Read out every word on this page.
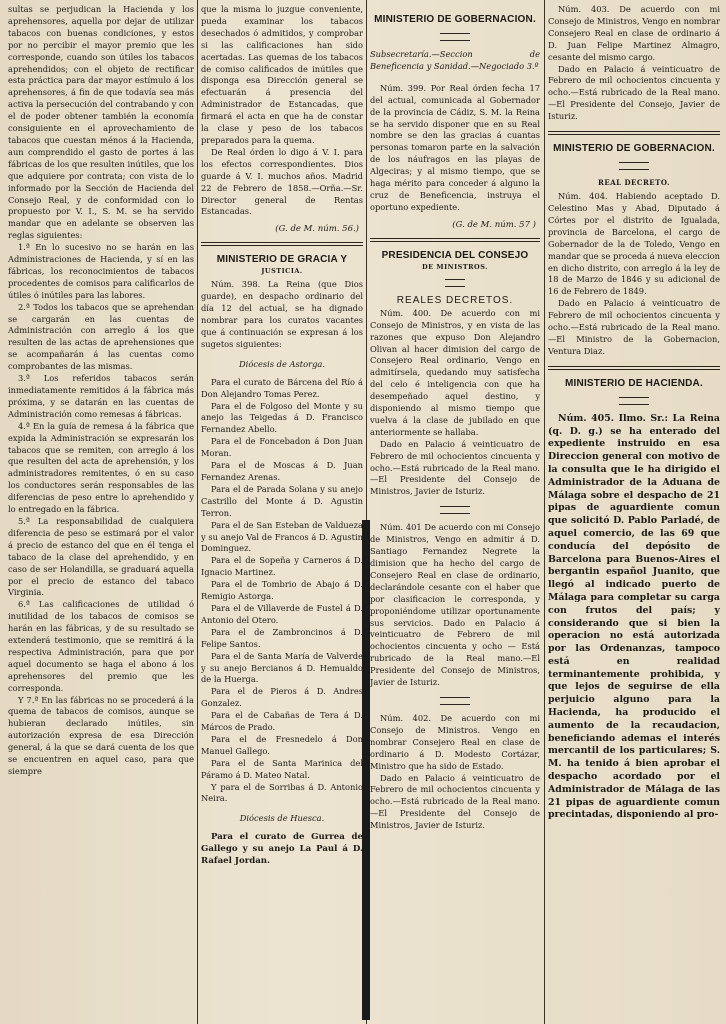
sultas se perjudican la Hacienda y los aprehensores, aquella por dejar de utilizar tabacos con buenas condiciones, y estos por no percibir el mayor premio que les corresponde, cuando son útiles los tabacos aprehendidos; con el objeto de rectificar esta práctica para dar mayor estímulo á los aprehensores, á fin de que todavía sea más activa la persecución del contrabando y con el de poder obtener también la economía consiguiente en el aprovechamiento de tabacos que cuestan ménos á la Hacienda, aun comprendido el gasto de portes á las fábricas de los que resulten inútiles, que los que adquiere por contrata; con vista de lo informado por la Sección de Hacienda del Consejo Real, y de conformidad con lo propuesto por V. I., S. M. se ha servido mandar que en adelante se observen las reglas siguientes:

1.ª En lo sucesivo no se harán en las Administraciones de Hacienda, y sí en las fábricas, los reconocimientos de tabacos procedentes de comisos para calificarlos de útiles ó inútiles para las labores.

2.ª Todos los tabacos que se aprehendan se cargarán en las cuentas de Administración con arreglo á los que resulten de las actas de aprehensiones que se acompañarán á las cuentas como comprobantes de las mismas.

3.ª Los referidos tabacos serán inmediatamente remitidos á la fábrica más próxima, y se datarán en las cuentas de Administración como remesas á fábricas.

4.ª En la guía de remesa á la fábrica que expida la Administración se expresarán los tabacos que se remiten, con arreglo á los que resulten del acta de aprehensión, y los administradores remitentes, ó en su caso los conductores serán responsables de las diferencias de peso entre lo aprehendido y lo entregado en la fábrica.

5.ª La responsabilidad de cualquiera diferencia de peso se estimará por el valor á precio de estanco del que en él tenga el tabaco de la clase del aprehendido, y en caso de ser Holandilla, se graduará aquella por el precio de estanco del tabaco Virginia.

6.ª Las calificaciones de utilidad ó inutilidad de los tabacos de comisos se harán en las fábricas, y de su resultado se extenderá testimonio, que se remitirá á la respectiva Administración, para que por aquel documento se haga el abono á los aprehensores del premio que les corresponda.

Y 7.ª En las fábricas no se procederá á la quema de tabacos de comisos, aunque se hubieran declarado inútiles, sin autorización expresa de esa Dirección general, á la que se dará cuenta de los que se encuentren en aquel caso, para que siempre

que la misma lo juzgue conveniente, pueda examinar los tabacos desechados ó admitidos, y comprobar si las calificaciones han sido acertadas. Las quemas de los tabacos de comiso calificados de inútiles que disponga esa Dirección general se efectuarán á presencia del Administrador de Estancadas, que firmará el acta en que ha de constar la clase y peso de los tabacos preparados para la quema.

De Real órden lo digo á V. I. para los efectos correspondientes. Dios guarde á V. I. muchos años. Madrid 22 de Febrero de 1858.—Orña.—Sr. Director general de Rentas Estancadas.

(G. de M. núm. 56.)
MINISTERIO DE GRACIA Y
JUSTICIA.

Núm. 398. La Reina (que Dios guarde), en despacho ordinario del día 12 del actual, se ha dignado nombrar para los curatos vacantes que á continuación se expresan á los sugetos siguientes:

Diócesis de Astorga.

Para el curato de Bárcena del Río á Don Alejandro Tomas Perez.

Para el de Folgoso del Monte y su anejo las Teigedas á D. Francisco Fernandez Abello.

Para el de Foncebadon á Don Juan Moran.

Para el de Moscas á D. Juan Fernandez Arenas.

Para el de Parada Solana y su anejo Castrillo del Monte á D. Agustin Terron.

Para el de San Esteban de Valdueza y su anejo Val de Francos á D. Agustin Dominguez.

Para el de Sopeña y Carneros á D. Ignacio Martinez.

Para el de Tombrio de Abajo á D. Remigio Astorga.

Para el de Villaverde de Fustel á D. Antonio del Otero.

Para el de Zambroncinos á D. Felipe Santos.

Para el de Santa María de Valverde y su anejo Bercianos á D. Hemualdo de la Huerga.

Para el de Pieros á D. Andres Gonzalez.

Para el de Cabañas de Tera á D. Márcos de Prado.

Para el de Fresnedelo á Don Manuel Gallego.

Para el de Santa Marinica del Páramo á D. Mateo Natal.

Y para el de Sorribas á D. Antonio Neira.

Diócesis de Huesca.

Para el curato de Gurrea de Gallego y su anejo La Paul á D. Rafael Jordan.

MINISTERIO DE GOBERNACION.

Subsecretaría.—Seccion de Beneficencia y Sanidad.—Negociado 3.º

Núm. 399. Por Real órden fecha 17 del actual, comunicada al Gobernador de la provincia de Cádiz, S. M. la Reina se ha servido disponer que en su Real nombre se den las gracias á cuantas personas tomaron parte en la salvación de los náufragos en las playas de Algeciras; y al mismo tiempo, que se haga mérito para conceder á alguno la cruz de Beneficencia, instruya el oportuno expediente.

(G. de M. núm. 57 )
PRESIDENCIA DEL CONSEJO
DE MINISTROS.
REALES DECRETOS.

Núm. 400. De acuerdo con mi Consejo de Ministros, y en vista de las razones que expuso Don Alejandro Olivan al hacer dimision del cargo de Consejero Real ordinario, Vengo en admitírsela, quedando muy satisfecha del celo é inteligencia con que ha desempeñado aquel destino, y disponiendo al mismo tiempo que vuelva á la clase de jubilado en que anteriormente se hallaba.

Dado en Palacio á veinticuatro de Febrero de mil ochocientos cincuenta y ocho.—Está rubricado de la Real mano.—El Presidente del Consejo de Ministros, Javier de Isturiz.

Núm. 401 De acuerdo con mi Consejo de Ministros, Vengo en admitir á D. Santiago Fernandez Negrete la dimision que ha hecho del cargo de Consejero Real en clase de ordinario, declarándole cesante con el haber que por clasificacion le corresponda, y proponiéndome utilizar oportunamente sus servicios. Dado en Palacio á veinticuatro de Febrero de mil ochocientos cincuenta y ocho — Está rubricado de la Real mano.—El Presidente del Consejo de Ministros, Javier de Isturiz.

Núm. 402. De acuerdo con mi Consejo de Ministros. Vengo en nombrar Consejero Real en clase de ordinario á D. Modesto Cortázar, Ministro que ha sido de Estado.

Dado en Palacio á veinticuatro de Febrero de mil ochocientos cincuenta y ocho.—Está rubricado de la Real mano.—El Presidente del Consejo de Ministros, Javier de Isturiz.

Núm. 403. De acuerdo con mi Consejo de Ministros, Vengo en nombrar Consejero Real en clase de ordinario á D. Juan Felipe Martinez Almagro, cesante del mismo cargo.

Dado en Palacio á veinticuatro de Febrero de mil ochocientos cincuenta y ocho.—Está rubricado de la Real mano.—El Presidente del Consejo, Javier de Isturiz.

MINISTERIO DE GOBERNACION.
REAL DECRETO.

Núm. 404. Habiendo aceptado D. Celestino Mas y Abad, Diputado á Córtes por el distrito de Igualada, provincia de Barcelona, el cargo de Gobernador de la de Toledo, Vengo en mandar que se proceda á nueva eleccion en dicho distrito, con arreglo á la ley de 18 de Marzo de 1846 y su adicional de 16 de Febrero de 1849.

Dado en Palacio á veinticuatro de Febrero de mil ochocientos cincuenta y ocho.—Está rubricado de la Real mano.—El Ministro de la Gobernacion, Ventura Diaz.

MINISTERIO DE HACIENDA.

Núm. 405. Ilmo. Sr.: La Reina (q. D. g.) se ha enterado del expediente instruido en esa Direccion general con motivo de la consulta que le ha dirigido el Administrador de la Aduana de Málaga sobre el despacho de 21 pipas de aguardiente comun que solicitó D. Pablo Parladé, de aquel comercio, de las 69 que conducía del depósito de Barcelona para Buenos-Aires el bergantin español Juanito, que llegó al indicado puerto de Málaga para completar su carga con frutos del país; y considerando que si bien la operacion no está autorizada por las Ordenanzas, tampoco está en realidad terminantemente prohibida, y que lejos de seguirse de ella perjuicio alguno para la Hacienda, ha producido el aumento de la recaudacion, beneficiando ademas el interés mercantil de los particulares; S. M. ha tenido á bien aprobar el despacho acordado por el Administrador de Málaga de las 21 pipas de aguardiente comun precintadas, disponiendo al pro-
